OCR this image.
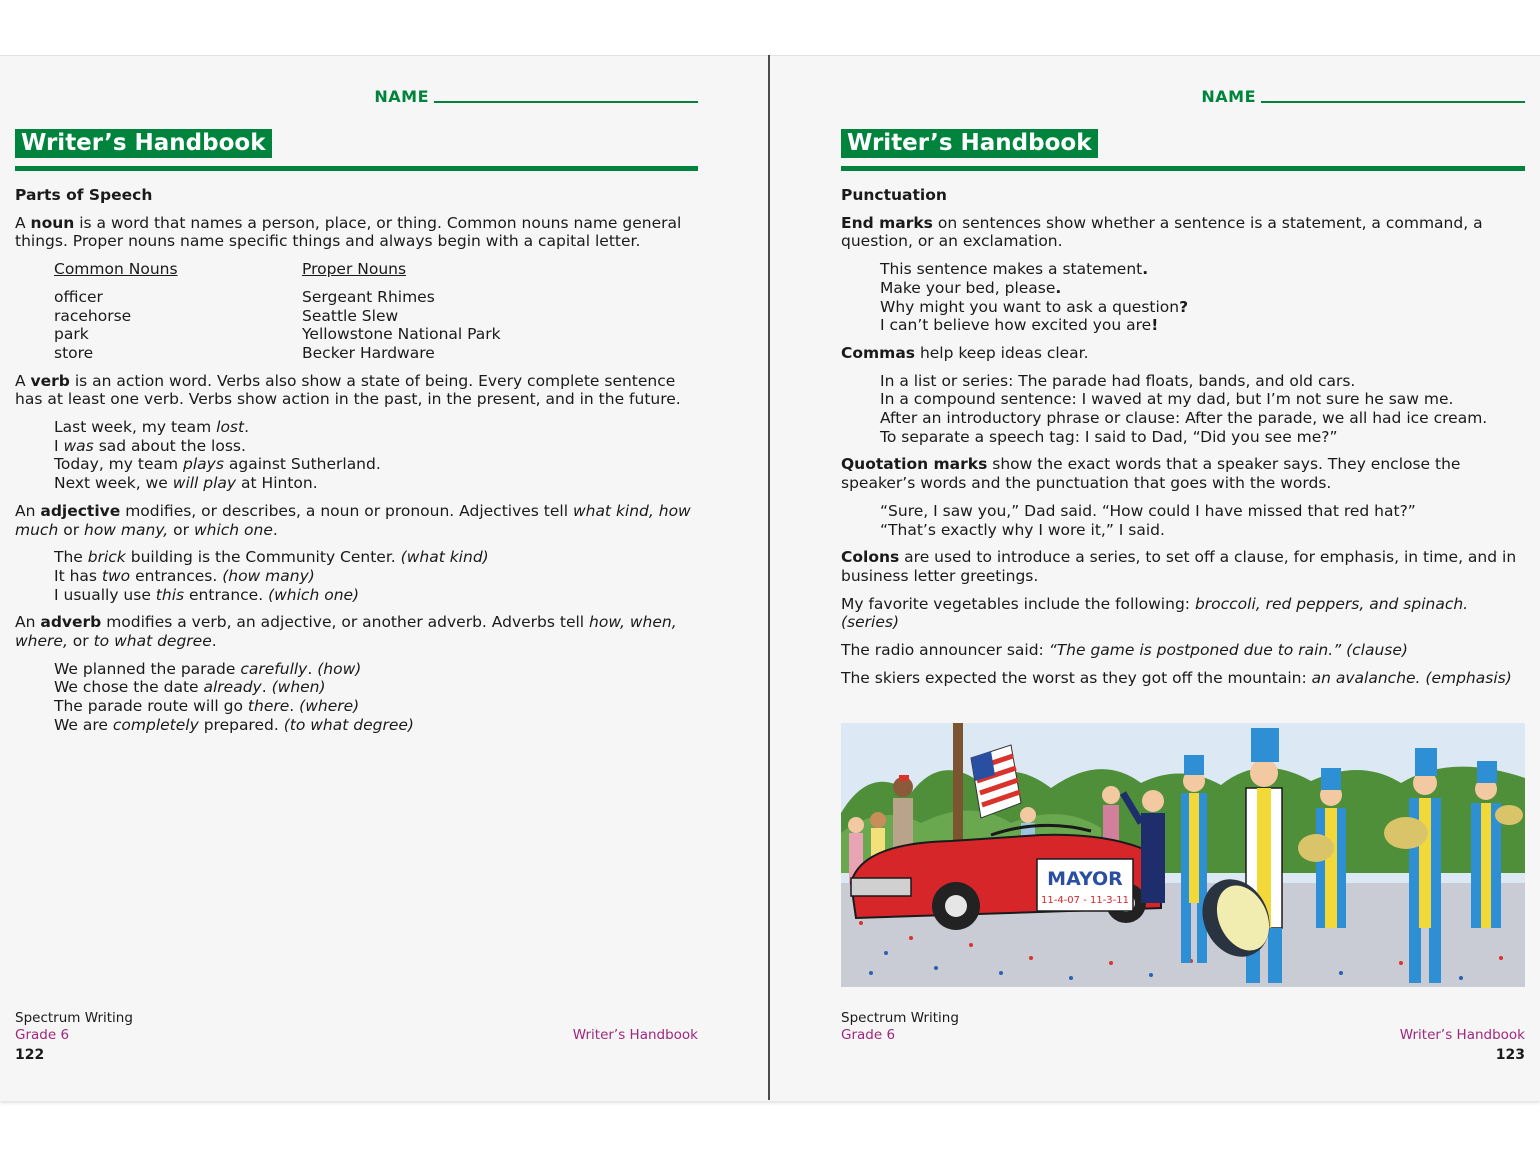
NAME
Writer’s Handbook
Parts of Speech

A noun is a word that names a person, place, or thing. Common nouns name general things. Proper nouns name specific things and always begin with a capital letter.

Common Nouns
officer
racehorse
park
store
Proper Nouns
Sergeant Rhimes
Seattle Slew
Yellowstone National Park
Becker Hardware

A verb is an action word. Verbs also show a state of being. Every complete sentence has at least one verb. Verbs show action in the past, in the present, and in the future.

Last week, my team lost.
I was sad about the loss.
Today, my team plays against Sutherland.
Next week, we will play at Hinton.

An adjective modifies, or describes, a noun or pronoun. Adjectives tell what kind, how much or how many, or which one.

The brick building is the Community Center. (what kind)
It has two entrances. (how many)
I usually use this entrance. (which one)

An adverb modifies a verb, an adjective, or another adverb. Adverbs tell how, when, where, or to what degree.

We planned the parade carefully. (how)
We chose the date already. (when)
The parade route will go there. (where)
We are completely prepared. (to what degree)
Spectrum Writing
Grade 6
122
Writer’s Handbook
NAME
Writer’s Handbook
Punctuation

End marks on sentences show whether a sentence is a statement, a command, a question, or an exclamation.

This sentence makes a statement.
Make your bed, please.
Why might you want to ask a question?
I can’t believe how excited you are!

Commas help keep ideas clear.

In a list or series: The parade had floats, bands, and old cars.
In a compound sentence: I waved at my dad, but I’m not sure he saw me.
After an introductory phrase or clause: After the parade, we all had ice cream.
To separate a speech tag: I said to Dad, “Did you see me?”

Quotation marks show the exact words that a speaker says. They enclose the speaker’s words and the punctuation that goes with the words.

“Sure, I saw you,” Dad said. “How could I have missed that red hat?”
“That’s exactly why I wore it,” I said.

Colons are used to introduce a series, to set off a clause, for emphasis, in time, and in business letter greetings.

My favorite vegetables include the following: broccoli, red peppers, and spinach. (series)

The radio announcer said: “The game is postponed due to rain.” (clause)

The skiers expected the worst as they got off the mountain: an avalanche. (emphasis)

MAYOR
11-4-07 - 11-3-11
Spectrum Writing
Grade 6	Writer’s Handbook
123
